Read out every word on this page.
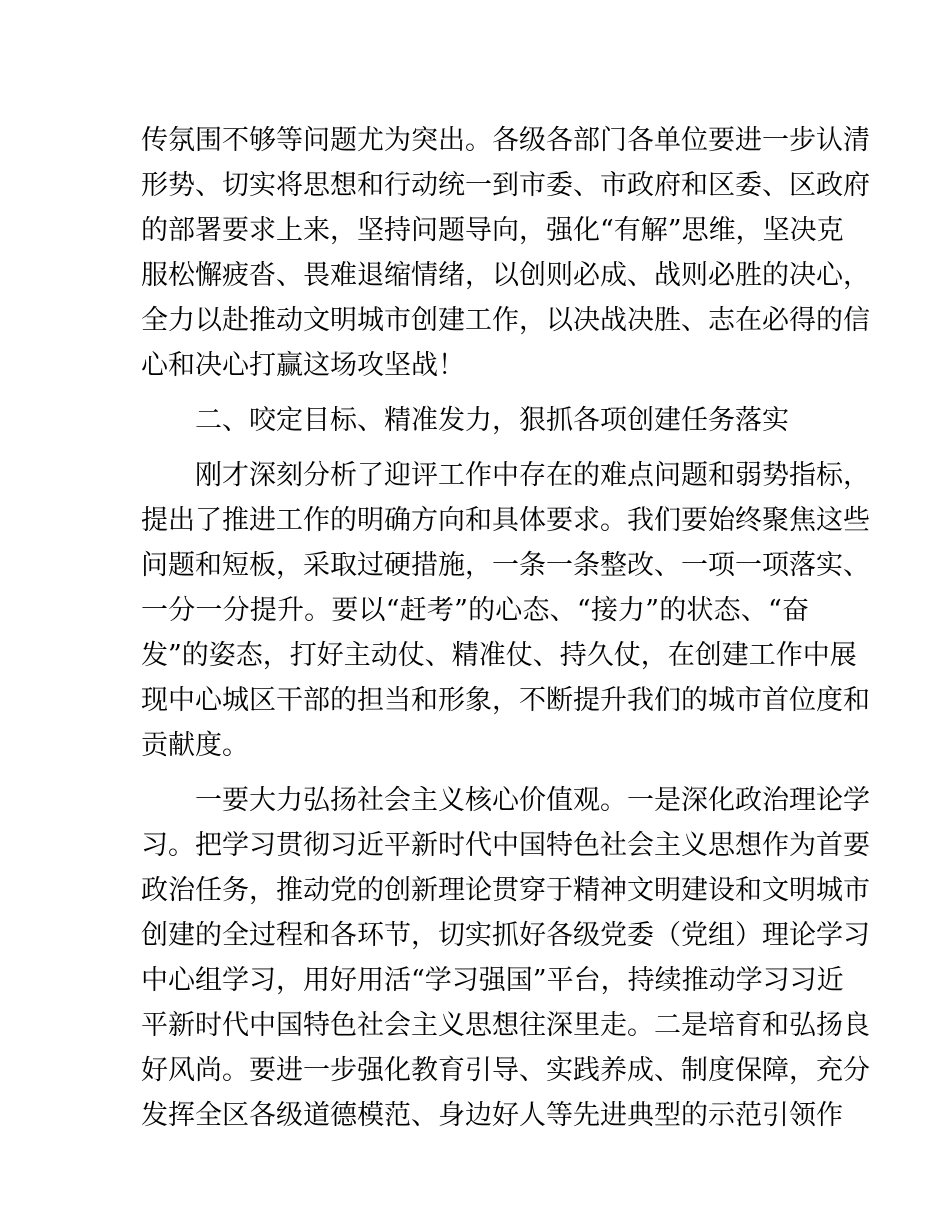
传氛围不够等问题尤为突出。各级各部门各单位要进一步认清
形势、切实将思想和行动统一到市委、市政府和区委、区政府
的部署要求上来，坚持问题导向，强化“有解”思维，坚决克
服松懈疲沓、畏难退缩情绪，以创则必成、战则必胜的决心，
全力以赴推动文明城市创建工作，以决战决胜、志在必得的信
心和决心打赢这场攻坚战！
　　二、咬定目标、精准发力，狠抓各项创建任务落实
　　刚才深刻分析了迎评工作中存在的难点问题和弱势指标，
提出了推进工作的明确方向和具体要求。我们要始终聚焦这些
问题和短板，采取过硬措施，一条一条整改、一项一项落实、
一分一分提升。要以“赶考”的心态、“接力”的状态、“奋
发”的姿态，打好主动仗、精准仗、持久仗，在创建工作中展
现中心城区干部的担当和形象，不断提升我们的城市首位度和
贡献度。
　　一要大力弘扬社会主义核心价值观。一是深化政治理论学
习。把学习贯彻习近平新时代中国特色社会主义思想作为首要
政治任务，推动党的创新理论贯穿于精神文明建设和文明城市
创建的全过程和各环节，切实抓好各级党委（党组）理论学习
中心组学习，用好用活“学习强国”平台，持续推动学习习近
平新时代中国特色社会主义思想往深里走。二是培育和弘扬良
好风尚。要进一步强化教育引导、实践养成、制度保障，充分
发挥全区各级道德模范、身边好人等先进典型的示范引领作
